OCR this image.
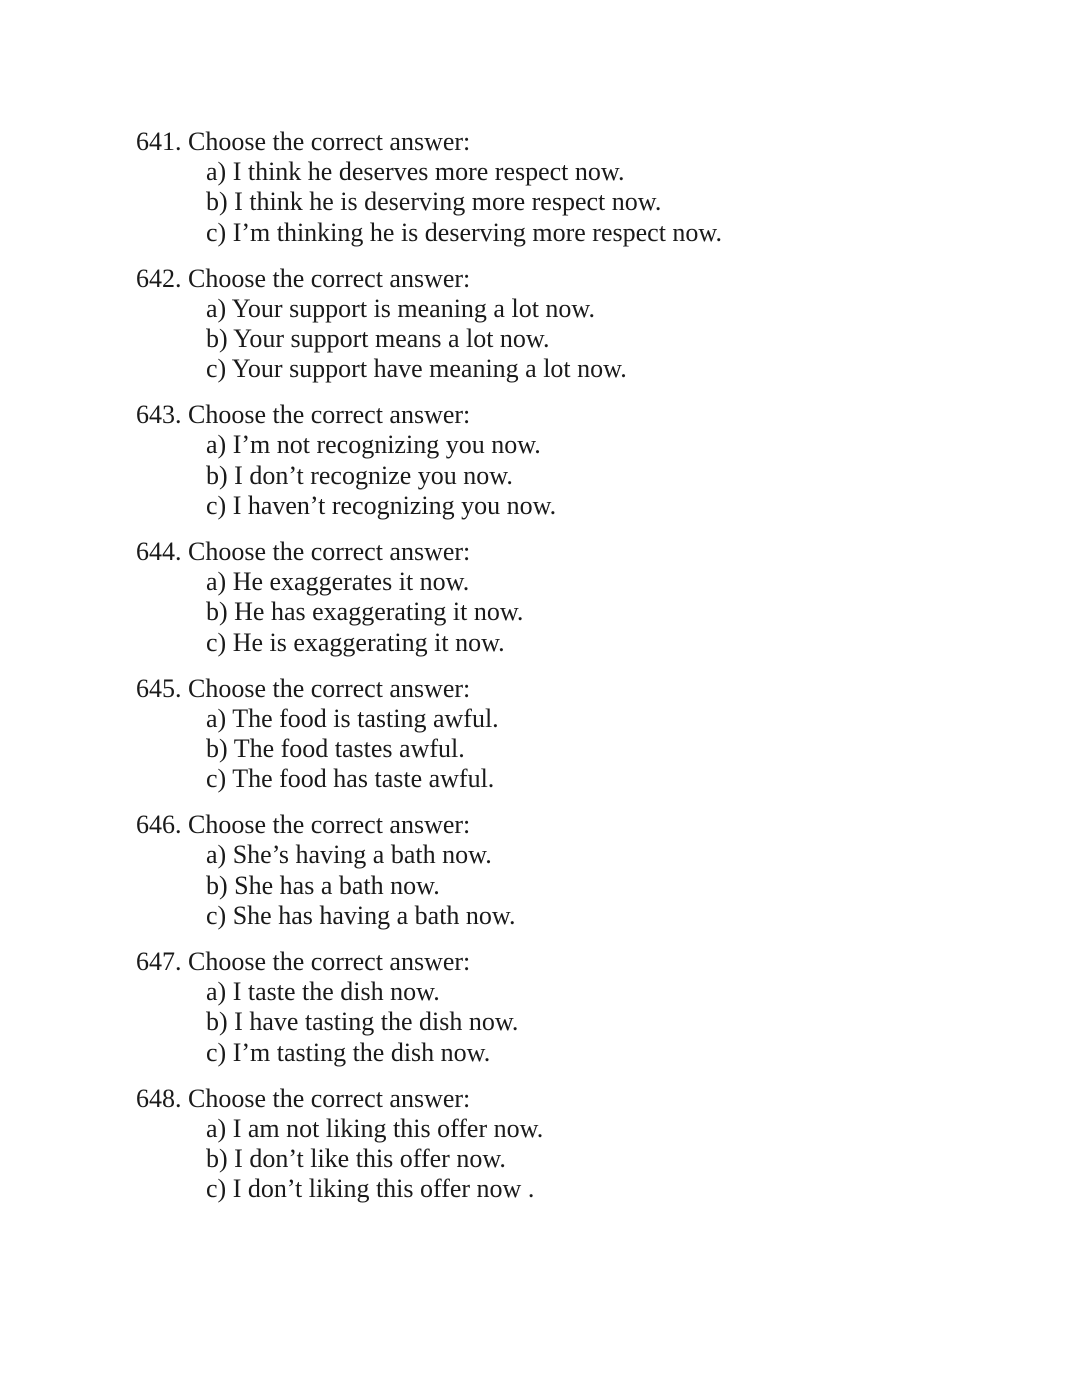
641. Choose the correct answer:
a) I think he deserves more respect now.
b) I think he is deserving more respect now.
c) I’m thinking he is deserving more respect now.
642. Choose the correct answer:
a) Your support is meaning a lot now.
b) Your support means a lot now.
c) Your support have meaning a lot now.
643. Choose the correct answer:
a) I’m not recognizing you now.
b) I don’t recognize you now.
c) I haven’t recognizing you now.
644. Choose the correct answer:
a) He exaggerates it now.
b) He has exaggerating it now.
c) He is exaggerating it now.
645. Choose the correct answer:
a) The food is tasting awful.
b) The food tastes awful.
c) The food has taste awful.
646. Choose the correct answer:
a) She’s having a bath now.
b) She has a bath now.
c) She has having a bath now.
647. Choose the correct answer:
a) I taste the dish now.
b) I have tasting the dish now.
c) I’m tasting the dish now.
648. Choose the correct answer:
a) I am not liking this offer now.
b) I don’t like this offer now.
c) I don’t liking this offer now .
